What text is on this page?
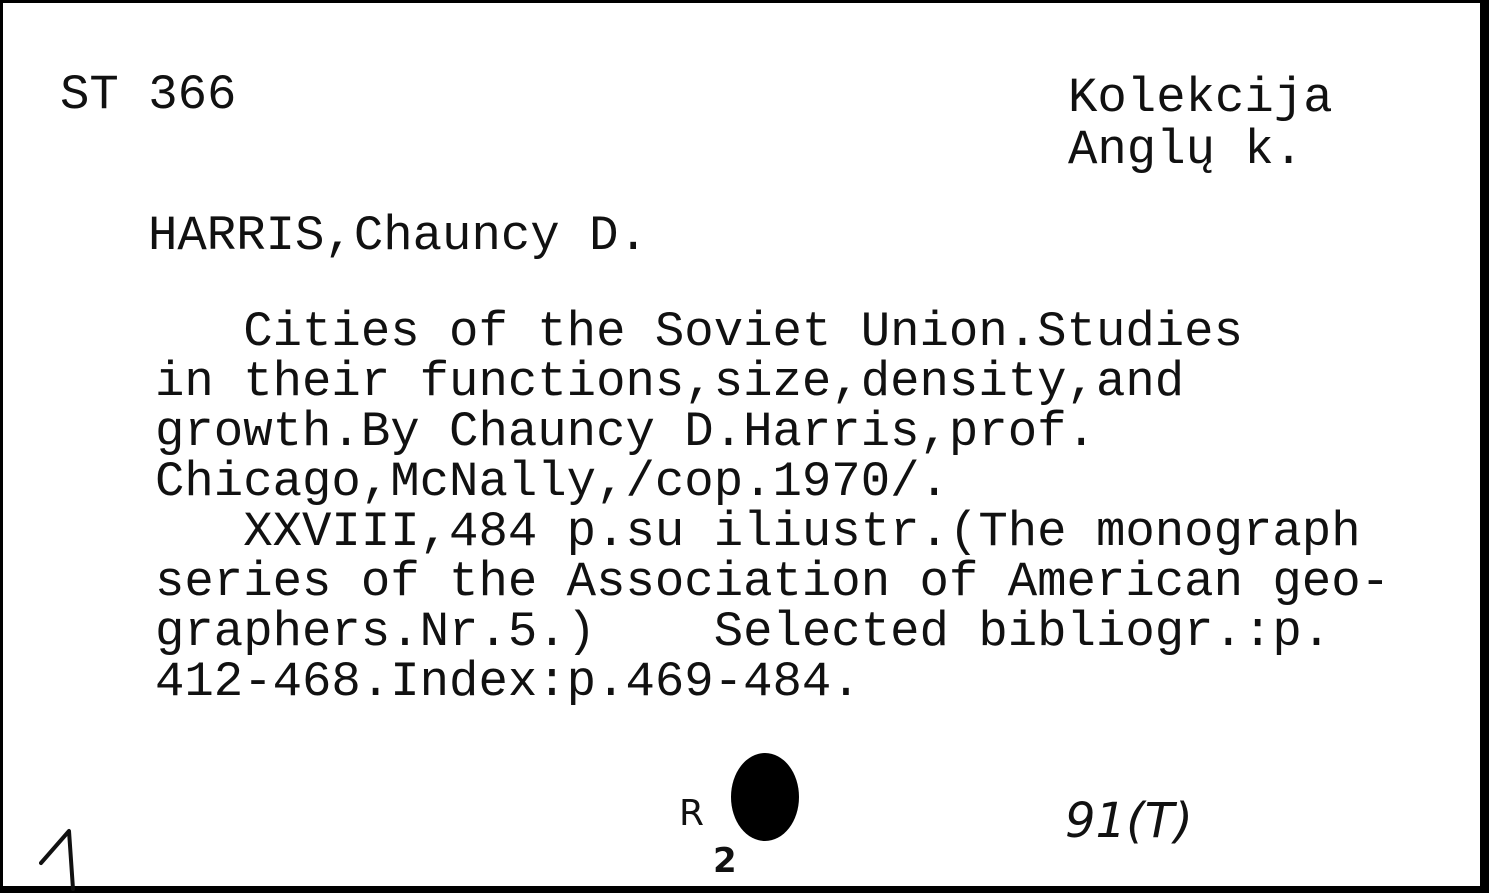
ST 366	Kolekcija
Anglų k.
HARRIS,Chauncy D.
Cities of the Soviet Union.Studies
in their functions,size,density,and
growth.By Chauncy D.Harris,prof.
Chicago,McNally,/cop.1970/.
XXVIII,484 p.su iliustr.(The monograph
series of the Association of American geo-
graphers.Nr.5.)    Selected bibliogr.:p.
412-468.Index:p.469-484.
R
2
91(T)
